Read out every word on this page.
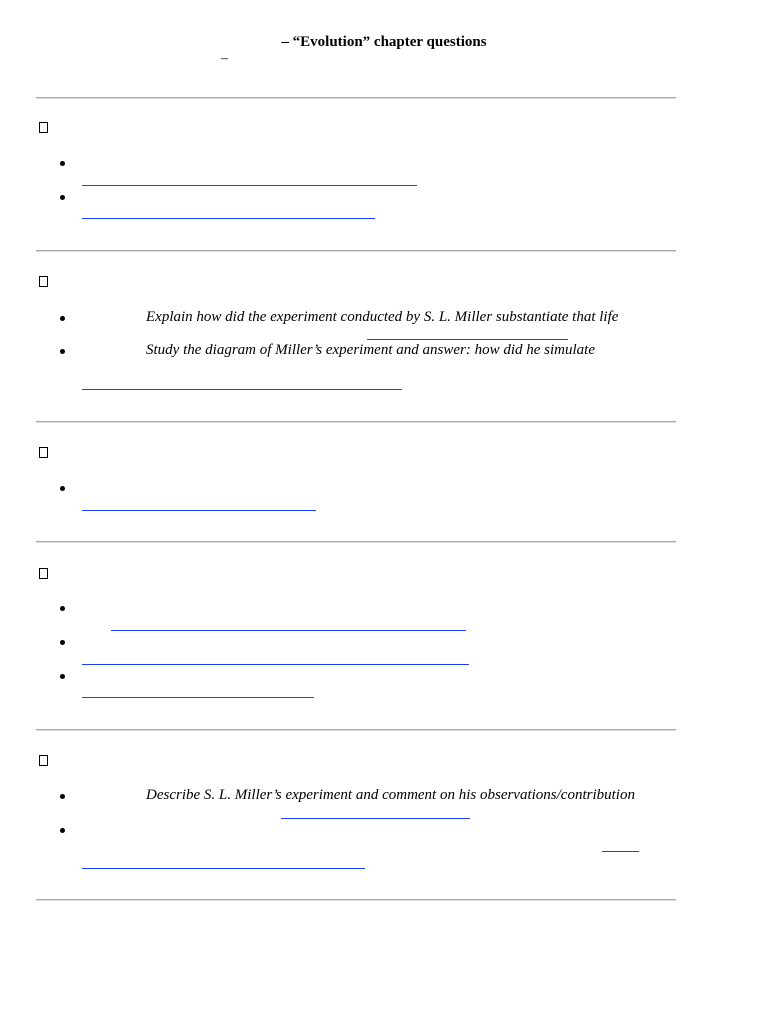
– “Evolution” chapter questions
–
Explain how did the experiment conducted by S. L. Miller substantiate that life
Study the diagram of Miller’s experiment and answer: how did he simulate
Describe S. L. Miller’s experiment and comment on his observations/contribution
